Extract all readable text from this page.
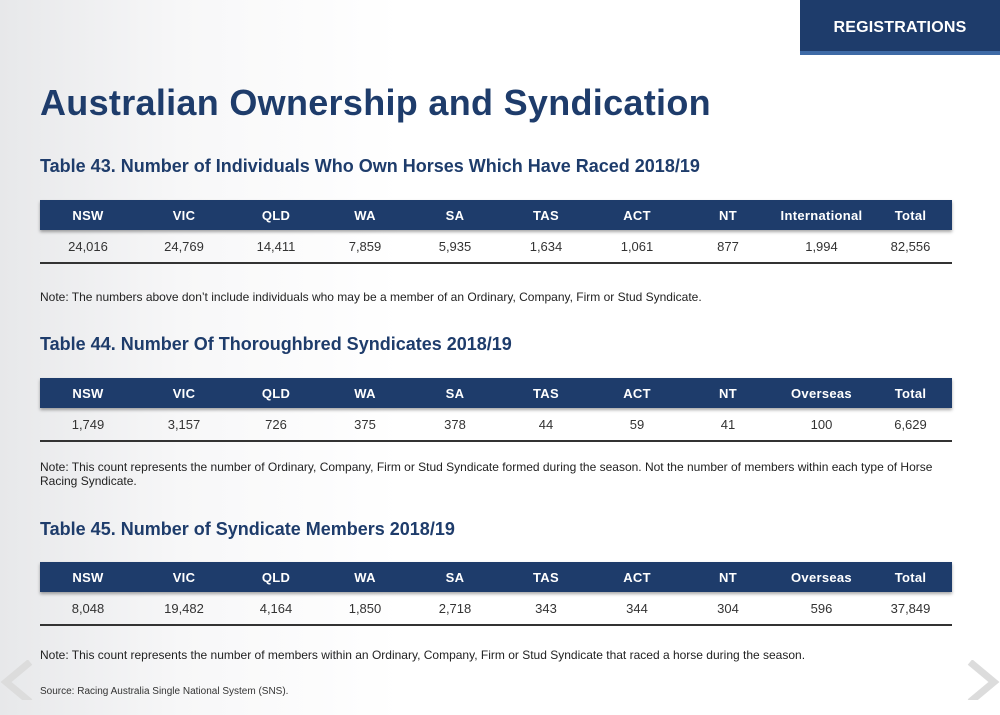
REGISTRATIONS
Australian Ownership and Syndication
Table 43. Number of Individuals Who Own Horses Which Have Raced 2018/19
NSW	VIC	QLD	WA	SA	TAS	ACT	NT	International	Total
24,016	24,769	14,411	7,859	5,935	1,634	1,061	877	1,994	82,556

Note: The numbers above don’t include individuals who may be a member of an Ordinary, Company, Firm or Stud Syndicate.

Table 44. Number Of Thoroughbred Syndicates 2018/19
NSW	VIC	QLD	WA	SA	TAS	ACT	NT	Overseas	Total
1,749	3,157	726	375	378	44	59	41	100	6,629

Note: This count represents the number of Ordinary, Company, Firm or Stud Syndicate formed during the season. Not the number of members within each type of Horse Racing Syndicate.

Table 45. Number of Syndicate Members 2018/19
NSW	VIC	QLD	WA	SA	TAS	ACT	NT	Overseas	Total
8,048	19,482	4,164	1,850	2,718	343	344	304	596	37,849

Note: This count represents the number of members within an Ordinary, Company, Firm or Stud Syndicate that raced a horse during the season.

Source: Racing Australia Single National System (SNS).
